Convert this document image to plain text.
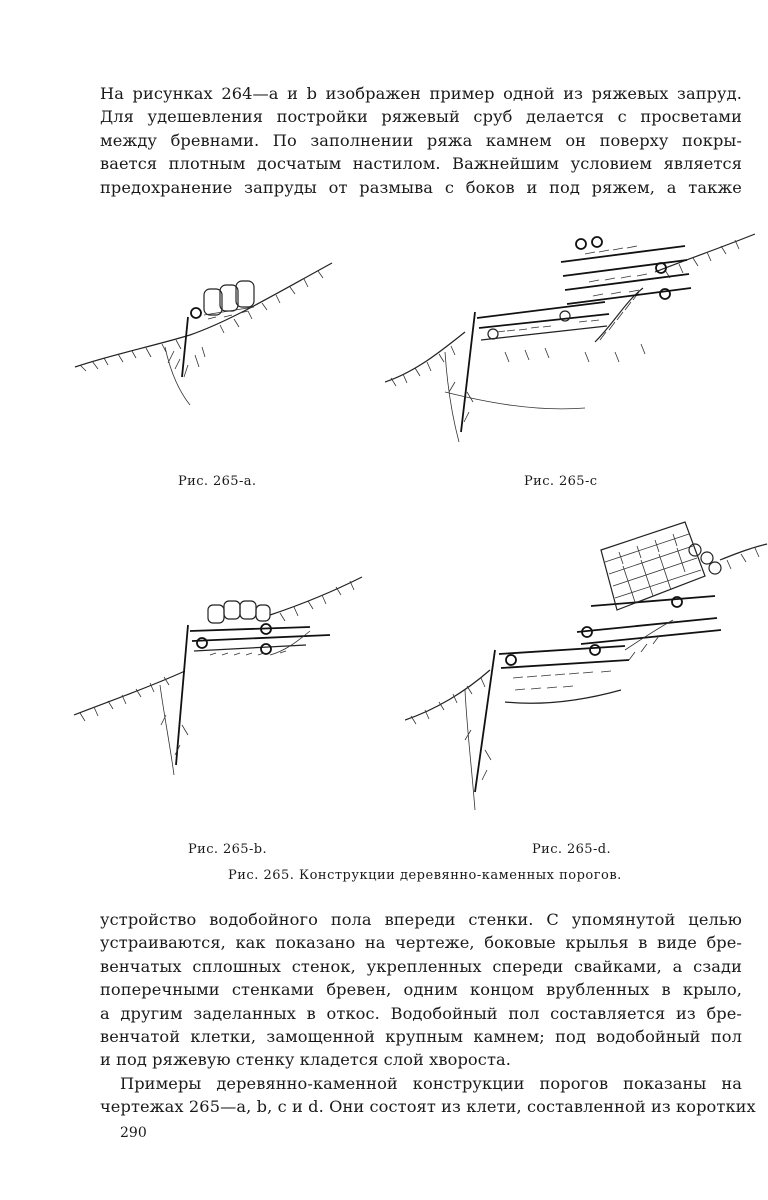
На рисунках 264—a и b изображен пример одной из ряжевых запруд.
Для удешевления постройки ряжевый сруб делается с просветами
между бревнами. По заполнении ряжа камнем он поверху покры-
вается плотным досчатым настилом. Важнейшим условием является
предохранение запруды от размыва с боков и под ряжем, а также
Рис. 265-a.	Рис. 265-c
Рис. 265-b.	Рис. 265-d.
Рис. 265. Конструкции деревянно-каменных порогов.
устройство водобойного пола впереди стенки. С упомянутой целью
устраиваются, как показано на чертеже, боковые крылья в виде бре-
венчатых сплошных стенок, укрепленных спереди свайками, а сзади
поперечными стенками бревен, одним концом врубленных в крыло,
а другим заделанных в откос. Водобойный пол составляется из бре-
венчатой клетки, замощенной крупным камнем; под водобойный пол
и под ряжевую стенку кладется слой хвороста.
Примеры деревянно-каменной конструкции порогов показаны на
чертежах 265—a, b, c и d. Они состоят из клети, составленной из коротких
290
